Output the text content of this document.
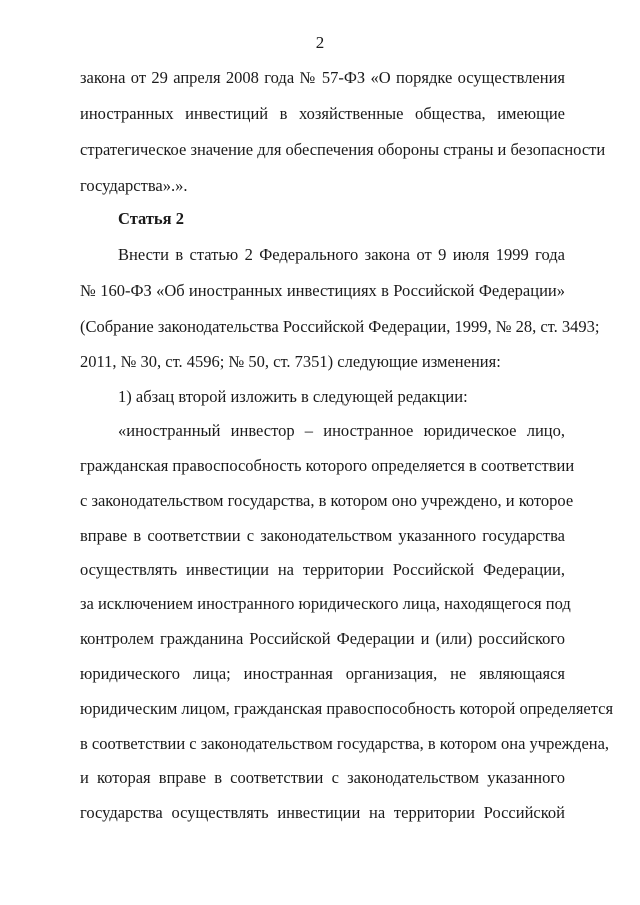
2
закона от 29 апреля 2008 года № 57-ФЗ «О порядке осуществления
иностранных инвестиций в хозяйственные общества, имеющие
стратегическое значение для обеспечения обороны страны и безопасности
государства».».
Статья 2
Внести в статью 2 Федерального закона от 9 июля 1999 года
№ 160-ФЗ «Об иностранных инвестициях в Российской Федерации»
(Собрание законодательства Российской Федерации, 1999, № 28, ст. 3493;
2011, № 30, ст. 4596; № 50, ст. 7351) следующие изменения:
1) абзац второй изложить в следующей редакции:
«иностранный инвестор – иностранное юридическое лицо,
гражданская правоспособность которого определяется в соответствии
с законодательством государства, в котором оно учреждено, и которое
вправе в соответствии с законодательством указанного государства
осуществлять инвестиции на территории Российской Федерации,
за исключением иностранного юридического лица, находящегося под
контролем гражданина Российской Федерации и (или) российского
юридического лица; иностранная организация, не являющаяся
юридическим лицом, гражданская правоспособность которой определяется
в соответствии с законодательством государства, в котором она учреждена,
и которая вправе в соответствии с законодательством указанного
государства осуществлять инвестиции на территории Российской
